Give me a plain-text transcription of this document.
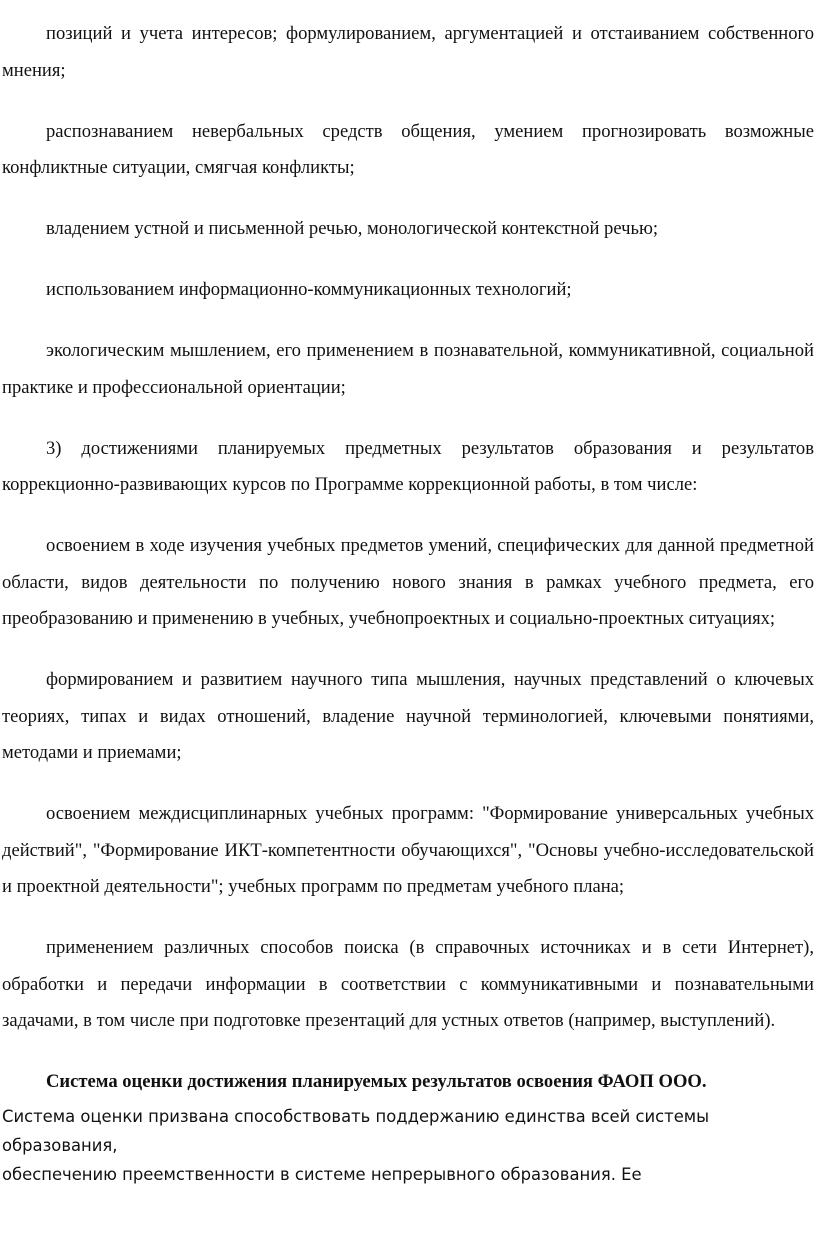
позиций и учета интересов; формулированием, аргументацией и отстаиванием собственного мнения;

распознаванием невербальных средств общения, умением прогнозировать возможные конфликтные ситуации, смягчая конфликты;

владением устной и письменной речью, монологической контекстной речью;

использованием информационно-коммуникационных технологий;

экологическим мышлением, его применением в познавательной, коммуникативной, социальной практике и профессиональной ориентации;

3) достижениями планируемых предметных результатов образования и результатов коррекционно-развивающих курсов по Программе коррекционной работы, в том числе:

освоением в ходе изучения учебных предметов умений, специфических для данной предметной области, видов деятельности по получению нового знания в рамках учебного предмета, его преобразованию и применению в учебных, учебнопроектных и социально-проектных ситуациях;

формированием и развитием научного типа мышления, научных представлений о ключевых теориях, типах и видах отношений, владение научной терминологией, ключевыми понятиями, методами и приемами;

освоением междисциплинарных учебных программ: "Формирование универсальных учебных действий", "Формирование ИКТ-компетентности обучающихся", "Основы учебно-исследовательской и проектной деятельности"; учебных программ по предметам учебного плана;

применением различных способов поиска (в справочных источниках и в сети Интернет), обработки и передачи информации в соответствии с коммуникативными и познавательными задачами, в том числе при подготовке презентаций для устных ответов (например, выступлений).

Система оценки достижения планируемых результатов освоения ФАОП ООО.

Система оценки призвана способствовать поддержанию единства всей системы образования,

обеспечению преемственности в системе непрерывного образования. Ее
